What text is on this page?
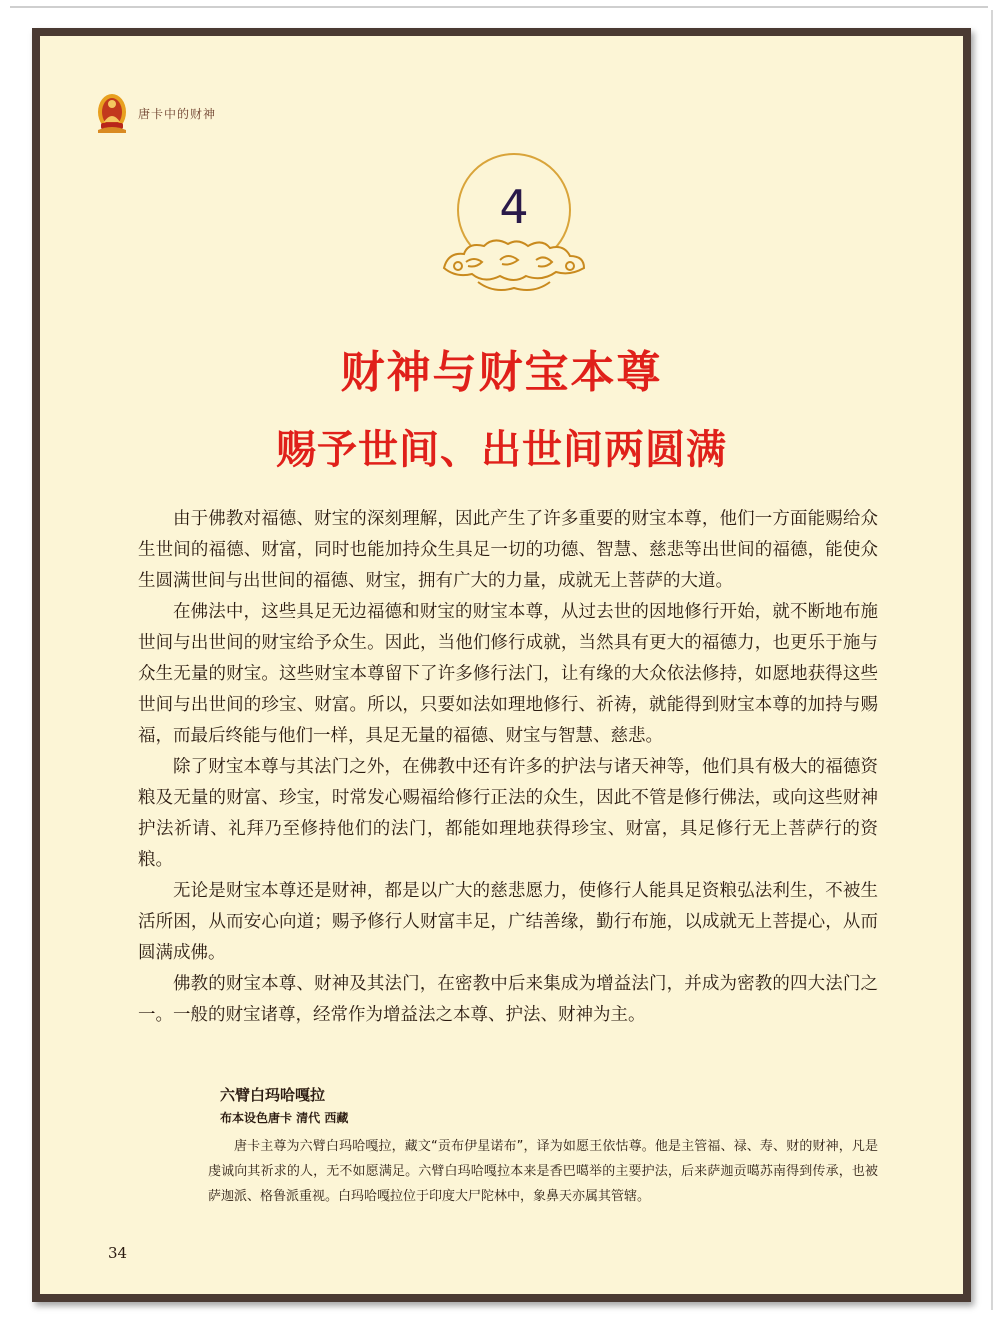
唐卡中的财神
4
财神与财宝本尊
赐予世间、出世间两圆满

由于佛教对福德、财宝的深刻理解，因此产生了许多重要的财宝本尊，他们一方面能赐给众生世间的福德、财富，同时也能加持众生具足一切的功德、智慧、慈悲等出世间的福德，能使众生圆满世间与出世间的福德、财宝，拥有广大的力量，成就无上菩萨的大道。

在佛法中，这些具足无边福德和财宝的财宝本尊，从过去世的因地修行开始，就不断地布施世间与出世间的财宝给予众生。因此，当他们修行成就，当然具有更大的福德力，也更乐于施与众生无量的财宝。这些财宝本尊留下了许多修行法门，让有缘的大众依法修持，如愿地获得这些世间与出世间的珍宝、财富。所以，只要如法如理地修行、祈祷，就能得到财宝本尊的加持与赐福，而最后终能与他们一样，具足无量的福德、财宝与智慧、慈悲。

除了财宝本尊与其法门之外，在佛教中还有许多的护法与诸天神等，他们具有极大的福德资粮及无量的财富、珍宝，时常发心赐福给修行正法的众生，因此不管是修行佛法，或向这些财神护法祈请、礼拜乃至修持他们的法门，都能如理地获得珍宝、财富，具足修行无上菩萨行的资粮。

无论是财宝本尊还是财神，都是以广大的慈悲愿力，使修行人能具足资粮弘法利生，不被生活所困，从而安心向道；赐予修行人财富丰足，广结善缘，勤行布施，以成就无上菩提心，从而圆满成佛。

佛教的财宝本尊、财神及其法门，在密教中后来集成为增益法门，并成为密教的四大法门之一。一般的财宝诸尊，经常作为增益法之本尊、护法、财神为主。

六臂白玛哈嘎拉
布本设色唐卡 清代 西藏
唐卡主尊为六臂白玛哈嘎拉，藏文“贡布伊星诺布”，译为如愿王依怙尊。他是主管福、禄、寿、财的财神，凡是虔诚向其祈求的人，无不如愿满足。六臂白玛哈嘎拉本来是香巴噶举的主要护法，后来萨迦贡噶苏南得到传承，也被萨迦派、格鲁派重视。白玛哈嘎拉位于印度大尸陀林中，象鼻天亦属其管辖。
34
